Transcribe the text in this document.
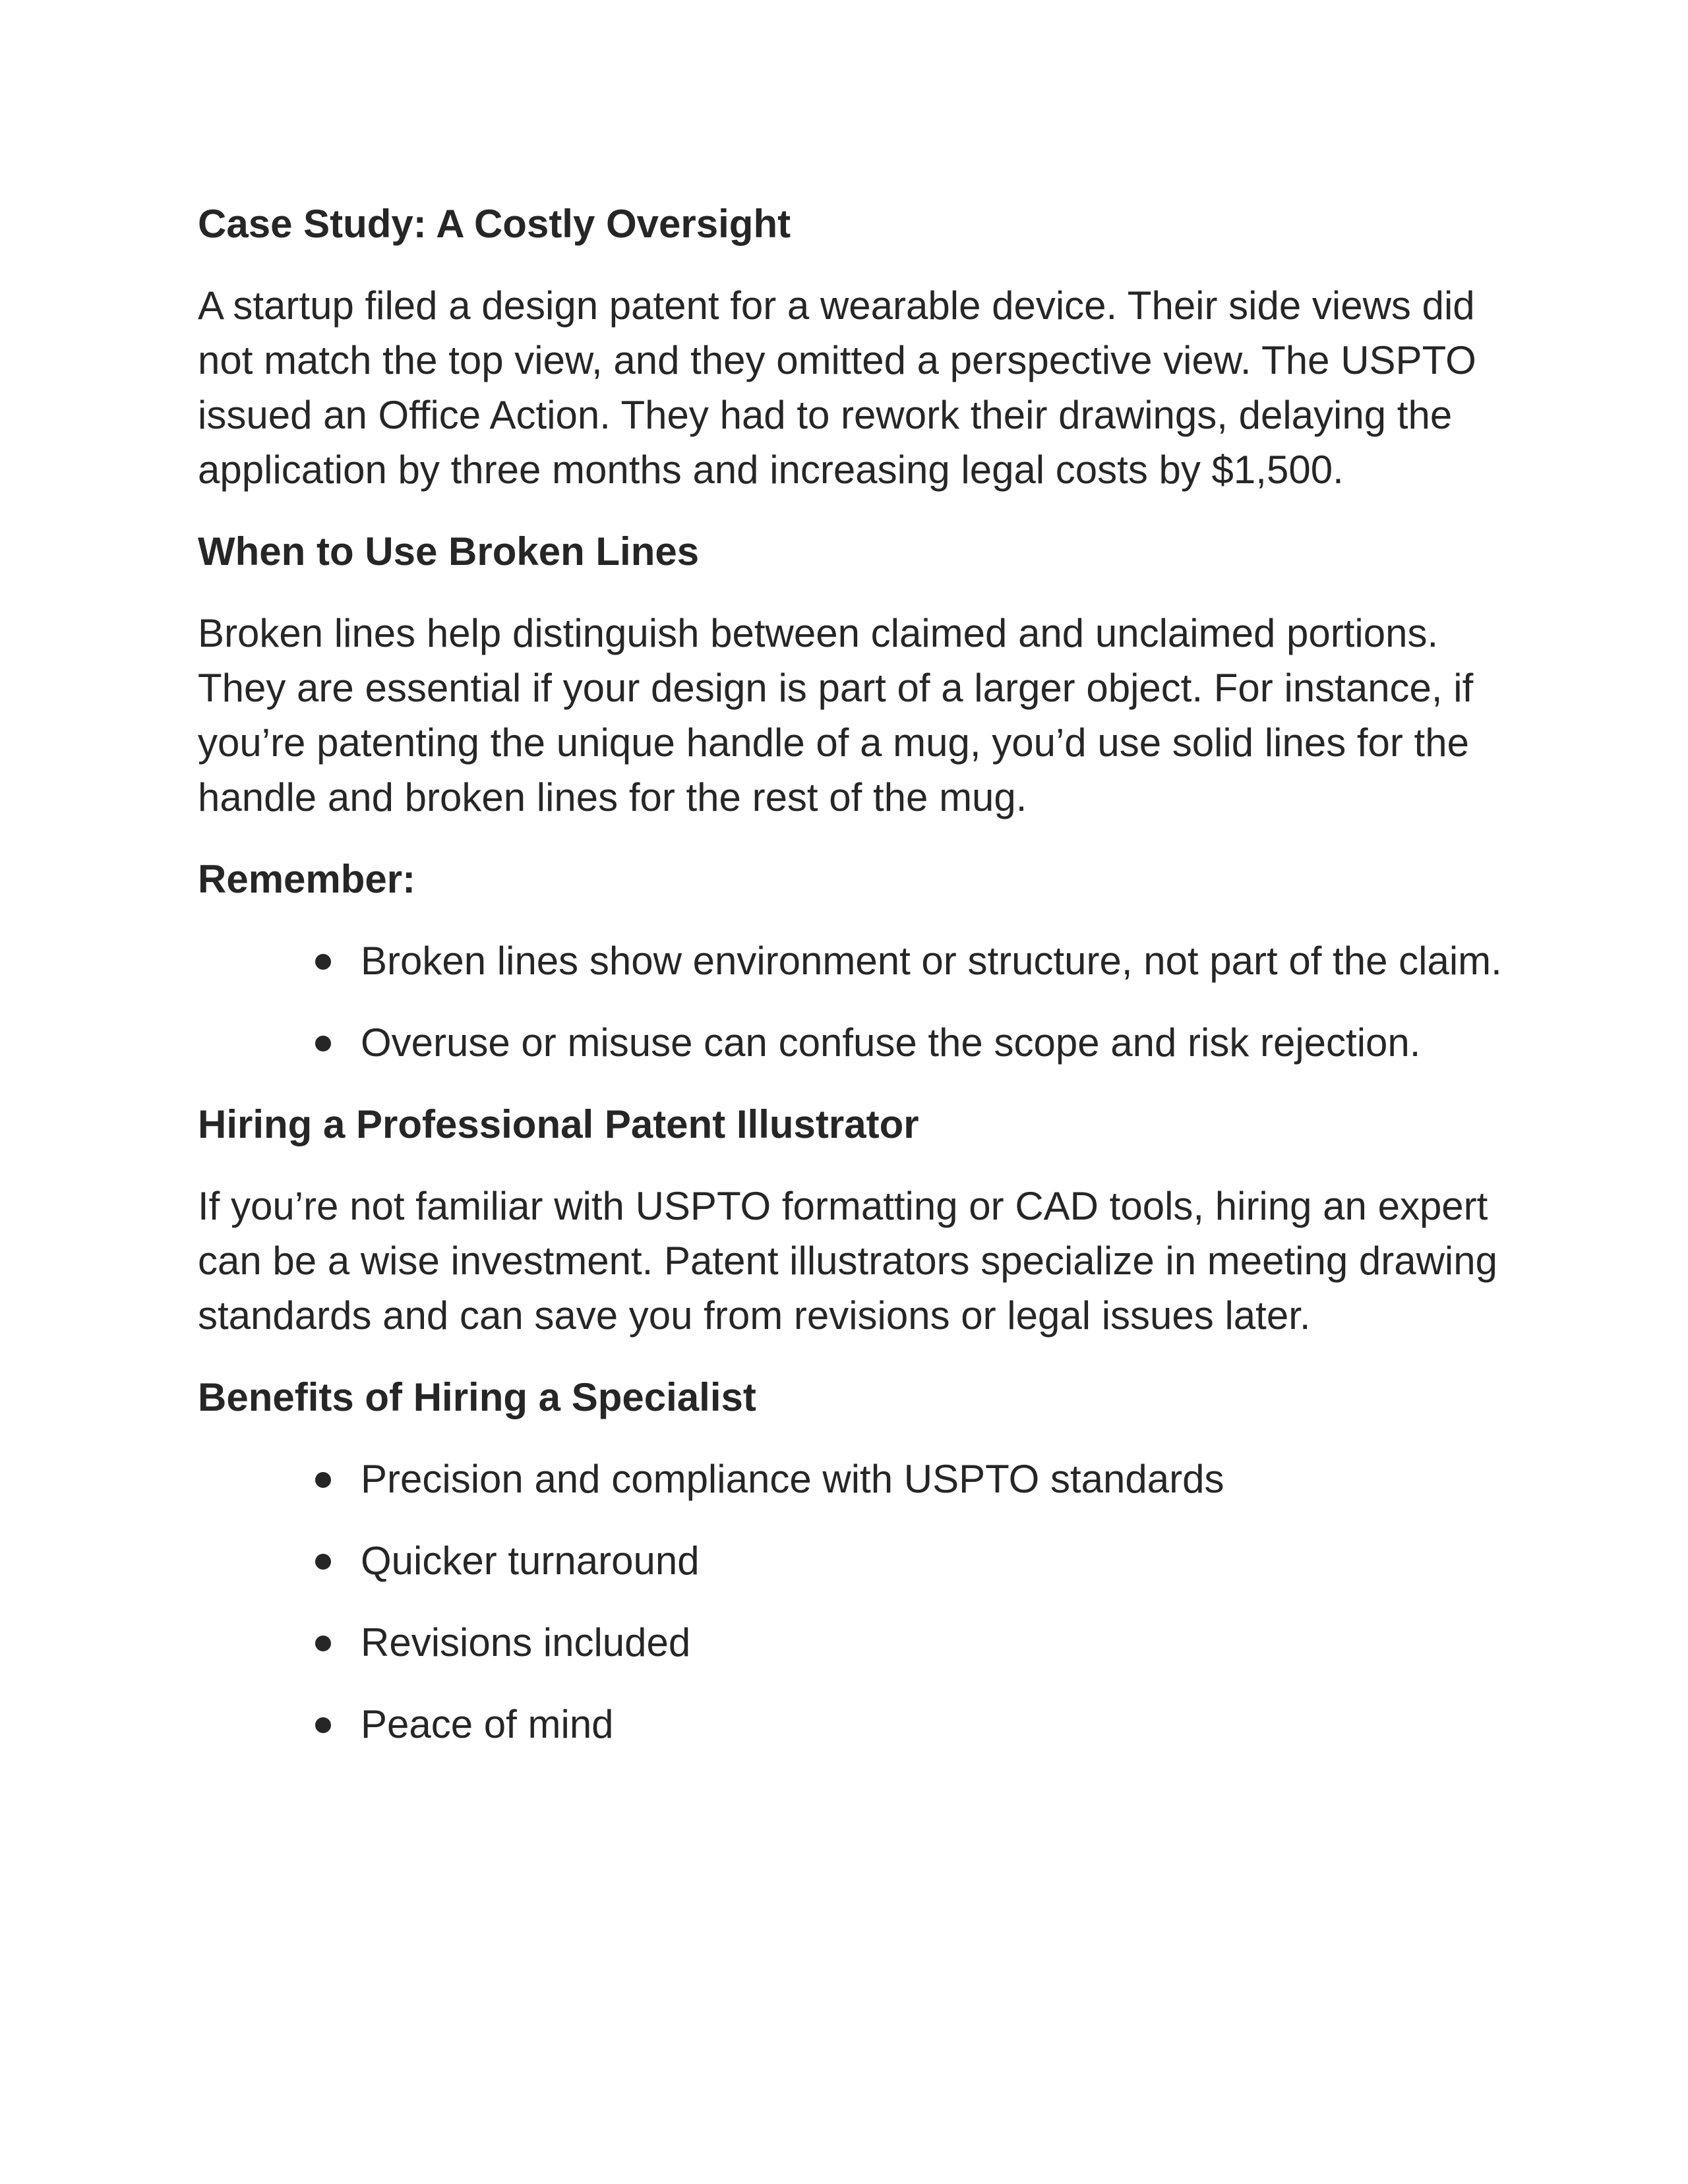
Case Study: A Costly Oversight

A startup filed a design patent for a wearable device. Their side views did not match the top view, and they omitted a perspective view. The USPTO issued an Office Action. They had to rework their drawings, delaying the application by three months and increasing legal costs by $1,500.

When to Use Broken Lines

Broken lines help distinguish between claimed and unclaimed portions. They are essential if your design is part of a larger object. For instance, if you’re patenting the unique handle of a mug, you’d use solid lines for the handle and broken lines for the rest of the mug.

Remember:
Broken lines show environment or structure, not part of the claim.
Overuse or misuse can confuse the scope and risk rejection.
Hiring a Professional Patent Illustrator

If you’re not familiar with USPTO formatting or CAD tools, hiring an expert can be a wise investment. Patent illustrators specialize in meeting drawing standards and can save you from revisions or legal issues later.

Benefits of Hiring a Specialist
Precision and compliance with USPTO standards
Quicker turnaround
Revisions included
Peace of mind
